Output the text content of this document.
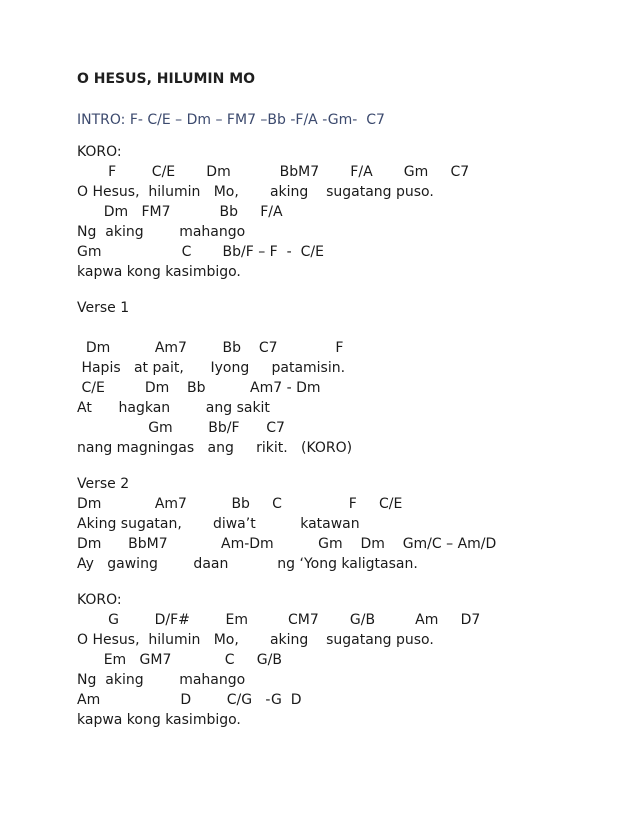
O HESUS, HILUMIN MO
INTRO: F- C/E – Dm – FM7 –Bb -F/A -Gm-  C7
KORO:
F        C/E       Dm           BbM7       F/A       Gm     C7
O Hesus,  hilumin   Mo,       aking    sugatang puso.
Dm   FM7           Bb     F/A
Ng  aking        mahango
Gm                  C       Bb/F – F  -  C/E
kapwa kong kasimbigo.
Verse 1
Dm          Am7        Bb    C7             F
Hapis   at pait,      Iyong     patamisin.
C/E         Dm    Bb          Am7 - Dm
At      hagkan        ang sakit
Gm        Bb/F      C7
nang magningas   ang     rikit.   (KORO)
Verse 2
Dm            Am7          Bb     C               F     C/E
Aking sugatan,       diwa’t          katawan
Dm      BbM7            Am-Dm          Gm    Dm    Gm/C – Am/D
Ay   gawing        daan           ng ‘Yong kaligtasan.
KORO:
G        D/F#        Em         CM7       G/B         Am     D7
O Hesus,  hilumin   Mo,       aking    sugatang puso.
Em   GM7            C     G/B
Ng  aking        mahango
Am                  D        C/G   -G  D
kapwa kong kasimbigo.
